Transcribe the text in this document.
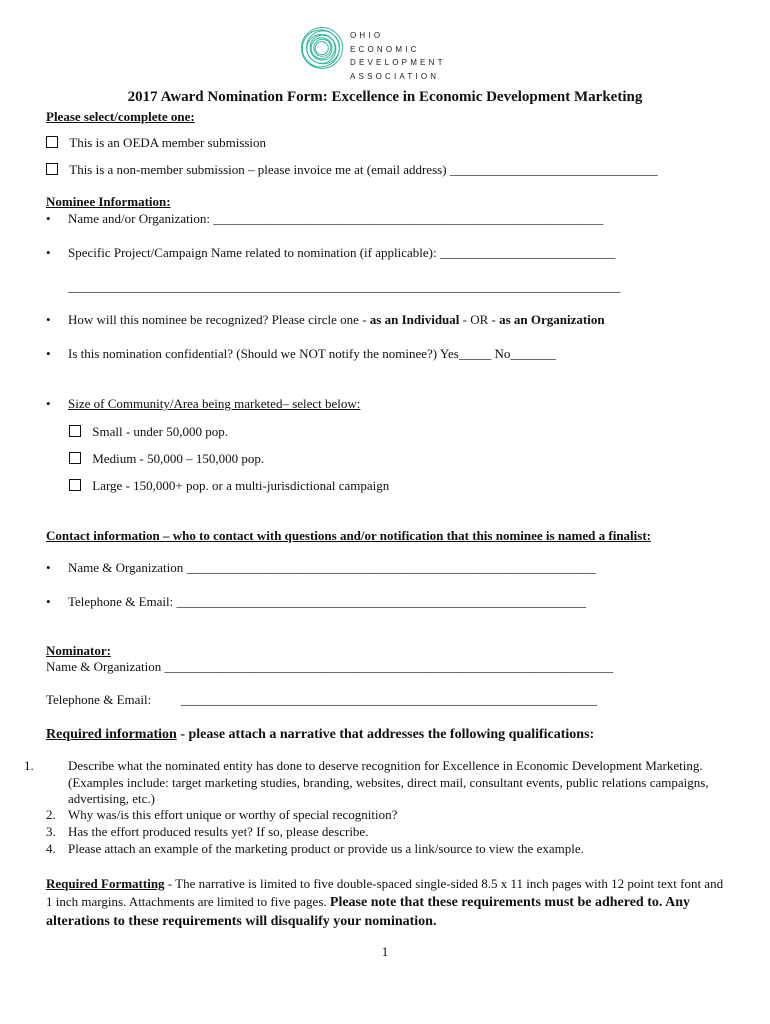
OHIO
ECONOMIC
DEVELOPMENT
ASSOCIATION
2017 Award Nomination Form: Excellence in Economic Development Marketing
Please select/complete one:
This is an OEDA member submission
This is a non-member submission – please invoice me at (email address) ________________________________
Nominee Information:
• Name and/or Organization: ____________________________________________________________
• Specific Project/Campaign Name related to nomination (if applicable): ___________________________
_____________________________________________________________________________________
• How will this nominee be recognized? Please circle one - as an Individual - OR - as an Organization
• Is this nomination confidential? (Should we NOT notify the nominee?) Yes_____ No_______
• Size of Community/Area being marketed– select below:
Small - under 50,000 pop.
Medium - 50,000 – 150,000 pop.
Large - 150,000+ pop. or a multi-jurisdictional campaign
Contact information – who to contact with questions and/or notification that this nominee is named a finalist:
• Name & Organization _______________________________________________________________
• Telephone & Email: _______________________________________________________________
Nominator:
Name & Organization _____________________________________________________________________
Telephone & Email: ________________________________________________________________
Required information - please attach a narrative that addresses the following qualifications:
1.	Describe what the nominated entity has done to deserve recognition for Excellence in Economic Development Marketing. (Examples include: target marketing studies, branding, websites, direct mail, consultant events, public relations campaigns, advertising, etc.)
2. Why was/is this effort unique or worthy of special recognition?
3. Has the effort produced results yet? If so, please describe.
4. Please attach an example of the marketing product or provide us a link/source to view the example.
Required Formatting - The narrative is limited to five double-spaced single-sided 8.5 x 11 inch pages with 12 point text font and 1 inch margins. Attachments are limited to five pages. Please note that these requirements must be adhered to. Any alterations to these requirements will disqualify your nomination.
1
